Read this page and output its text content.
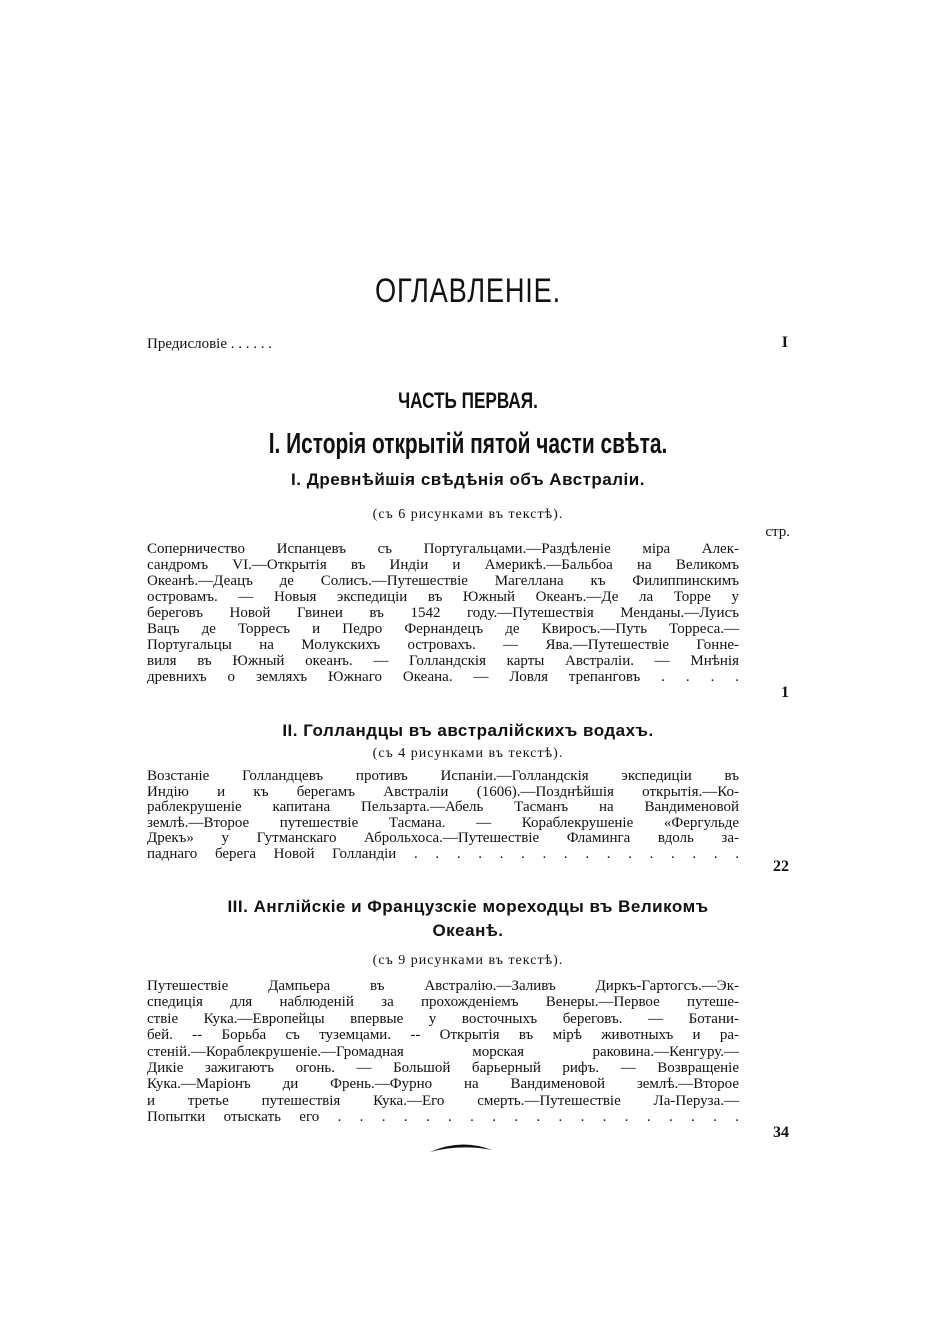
ОГЛАВЛЕНІЕ.
Предисловіе . . . . . .	I
ЧАСТЬ ПЕРВАЯ.
I. Исторія открытій пятой части свѣта.
I. Древнѣйшія свѣдѣнія объ Австраліи.
(съ 6 рисунками въ текстѣ).
стр.
Соперничество Испанцевъ съ Португальцами.—Раздѣленіе міра Алек-
сандромъ VI.—Открытія въ Индіи и Америкѣ.—Бальбоа на Великомъ
Океанѣ.—Деацъ де Солисъ.—Путешествіе Магеллана къ Филиппинскимъ
островамъ. — Новыя экспедиціи въ Южный Океанъ.—Де ла Торре у
береговъ Новой Гвинеи въ 1542 году.—Путешествія Менданы.—Луисъ
Вацъ де Торресъ и Педро Фернандецъ де Квиросъ.—Путь Торреса.—
Португальцы на Молукскихъ островахъ. — Ява.—Путешествіе Гонне-
виля въ Южный океанъ. — Голландскія карты Австраліи. — Мнѣнія
древнихъ о земляхъ Южнаго Океана. — Ловля трепанговъ . . . .
1
II. Голландцы въ австралійскихъ водахъ.
(съ 4 рисунками въ текстѣ).
Возстаніе Голландцевъ противъ Испаніи.—Голландскія экспедиціи въ
Индію и къ берегамъ Австраліи (1606).—Позднѣйшія открытія.—Ко-
раблекрушеніе капитана Пельзарта.—Абель Тасманъ на Вандименовой
землѣ.—Второе путешествіе Тасмана. — Кораблекрушеніе «Фергульде
Дрекъ» у Гутманскаго Аброльхоса.—Путешествіе Фламинга вдоль за-
паднаго берега Новой Голландіи . . . . . . . . . . . . . . . .
22
III. Англійскіе и Французскіе мореходцы въ Великомъ
Океанѣ.
(съ 9 рисунками въ текстѣ).
Путешествіе Дампьера въ Австралію.—Заливъ Диркъ-Гартогсъ.—Эк-
спедиція для наблюденій за прохожденіемъ Венеры.—Первое путеше-
ствіе Кука.—Европейцы впервые у восточныхъ береговъ. — Ботани-
бей. -- Борьба съ туземцами. -- Открытія въ мірѣ животныхъ и ра-
стеній.—Кораблекрушеніе.—Громадная морская раковина.—Кенгуру.—
Дикіе зажигаютъ огонь. — Большой барьерный рифъ. — Возвращеніе
Кука.—Маріонъ ди Френь.—Фурно на Вандименовой землѣ.—Второе
и третье путешествія Кука.—Его смерть.—Путешествіе Ла-Перуза.—
Попытки отыскать его . . . . . . . . . . . . . . . . . . .
34
